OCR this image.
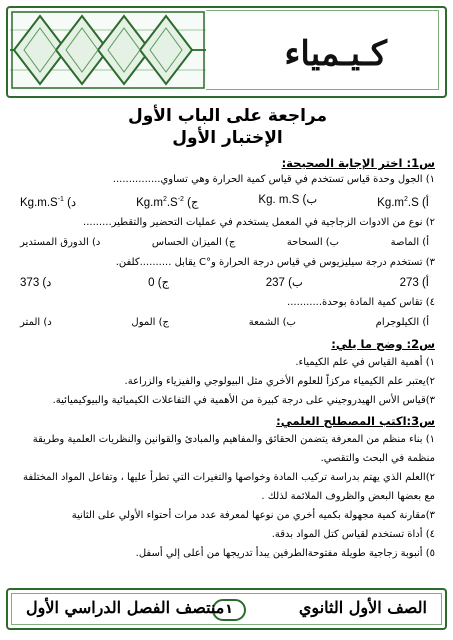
كـيـمياء
مراجعة على الباب الأول
الإختبار الأول
س1: اختر الإجابة الصحيحة:
١) الجول وحدة قياس تستخدم في قياس كمية الحرارة وهي تساوي...............
$Kg.m^2.S$ (أ
Kg. m.S (ب
$Kg.m^2.S^{-2}$ (ج
$Kg.m.S^{-1}$ (د
٢) نوع من الادوات الزجاجية في المعمل يستخدم في عمليات التحضير والتقطير.........
أ) الماصة
ب) السحاحة
ج) الميزان الحساس
د) الدورق المستدير
٣) تستخدم درجة سيليزيوس في قياس درجة الحرارة و°C يقابل ..........كلفن.
أ) 273
ب) 237
ج) 0
د) 373
٤) تقاس كمية المادة بوحدة...........
أ) الكيلوجرام
ب) الشمعة
ج) المول
د) المتر
س2: وضح ما يلي:
١) أهمية القياس في علم الكيمياء.
٢)يعتبر علم الكيمياء مركزاً للعلوم الأخري مثل البيولوجي والفيزياء والزراعة.
٣)قياس الأس الهيدروجيني على درجة كبيرة من الأهمية في التفاعلات الكيميائية والبيوكيميائية.
س3:اكتب المصطلح العلمي:
١) بناء منظم من المعرفة يتضمن الحقائق والمفاهيم والمبادئ والقوانين والنظريات العلمية وطريقة منظمة في البحث والتقصي.
٢)العلم الذي يهتم بدراسة تركيب المادة وخواصها والتغيرات التي تطرأ عليها ، وتفاعل المواد المختلفة مع بعضها البعض والظروف الملائمة لذلك .
٣)مقارنة كمية مجهولة بكميه أخري من نوعها لمعرفة عدد مرات أحتواء الأولي على الثانية
٤) أداة تستخدم لقياس كتل المواد بدقة.
٥) أنبوبة زجاجية طويلة مفتوحةالطرفين يبدأ تدريجها من أعلى إلي أسفل.
الصف الأول الثانوي
١
منتصف الفصل الدراسي الأول
